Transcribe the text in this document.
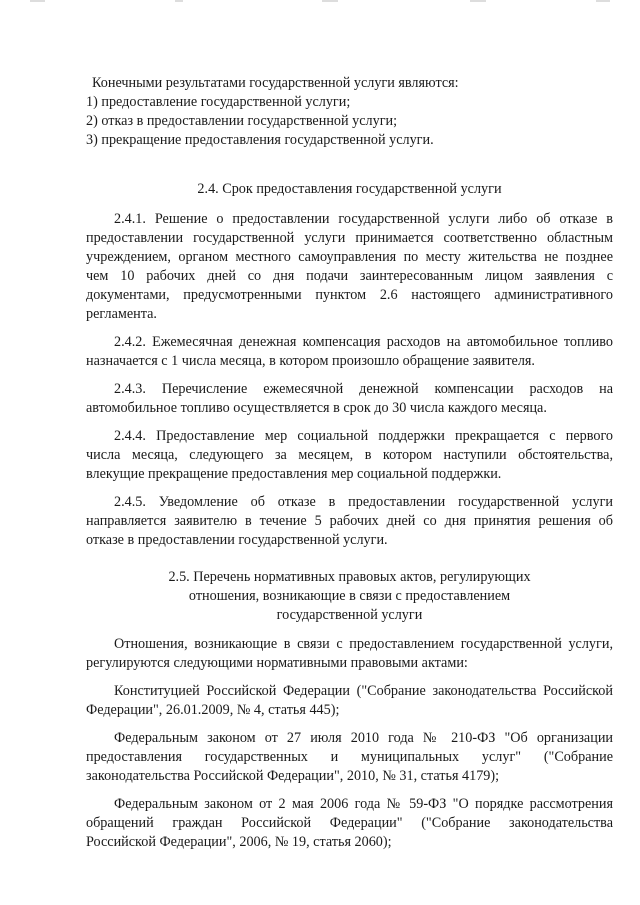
Конечными результатами государственной услуги являются:
1) предоставление государственной услуги;
2) отказ в предоставлении государственной услуги;
3) прекращение предоставления государственной услуги.
2.4. Срок предоставления государственной услуги
2.4.1. Решение о предоставлении государственной услуги либо об отказе в
предоставлении государственной услуги принимается соответственно областным
учреждением, органом местного самоуправления по месту жительства не позднее
чем 10 рабочих дней со дня подачи заинтересованным лицом заявления с
документами, предусмотренными пунктом 2.6 настоящего административного
регламента.
2.4.2. Ежемесячная денежная компенсация расходов на автомобильное топливо
назначается с 1 числа месяца, в котором произошло обращение заявителя.
2.4.3. Перечисление ежемесячной денежной компенсации расходов на
автомобильное топливо осуществляется в срок до 30 числа каждого месяца.
2.4.4. Предоставление мер социальной поддержки прекращается с первого
числа месяца, следующего за месяцем, в котором наступили обстоятельства,
влекущие прекращение предоставления мер социальной поддержки.
2.4.5. Уведомление об отказе в предоставлении государственной услуги
направляется заявителю в течение 5 рабочих дней со дня принятия решения об
отказе в предоставлении государственной услуги.
2.5. Перечень нормативных правовых актов, регулирующих
отношения, возникающие в связи с предоставлением
государственной услуги
Отношения, возникающие в связи с предоставлением государственной услуги,
регулируются следующими нормативными правовыми актами:
Конституцией Российской Федерации ("Собрание законодательства Российской
Федерации", 26.01.2009, № 4, статья 445);
Федеральным законом от 27 июля 2010 года № 210-ФЗ "Об организации
предоставления государственных и муниципальных услуг" ("Собрание
законодательства Российской Федерации", 2010, № 31, статья 4179);
Федеральным законом от 2 мая 2006 года № 59-ФЗ "О порядке рассмотрения
обращений граждан Российской Федерации" ("Собрание законодательства
Российской Федерации", 2006, № 19, статья 2060);
